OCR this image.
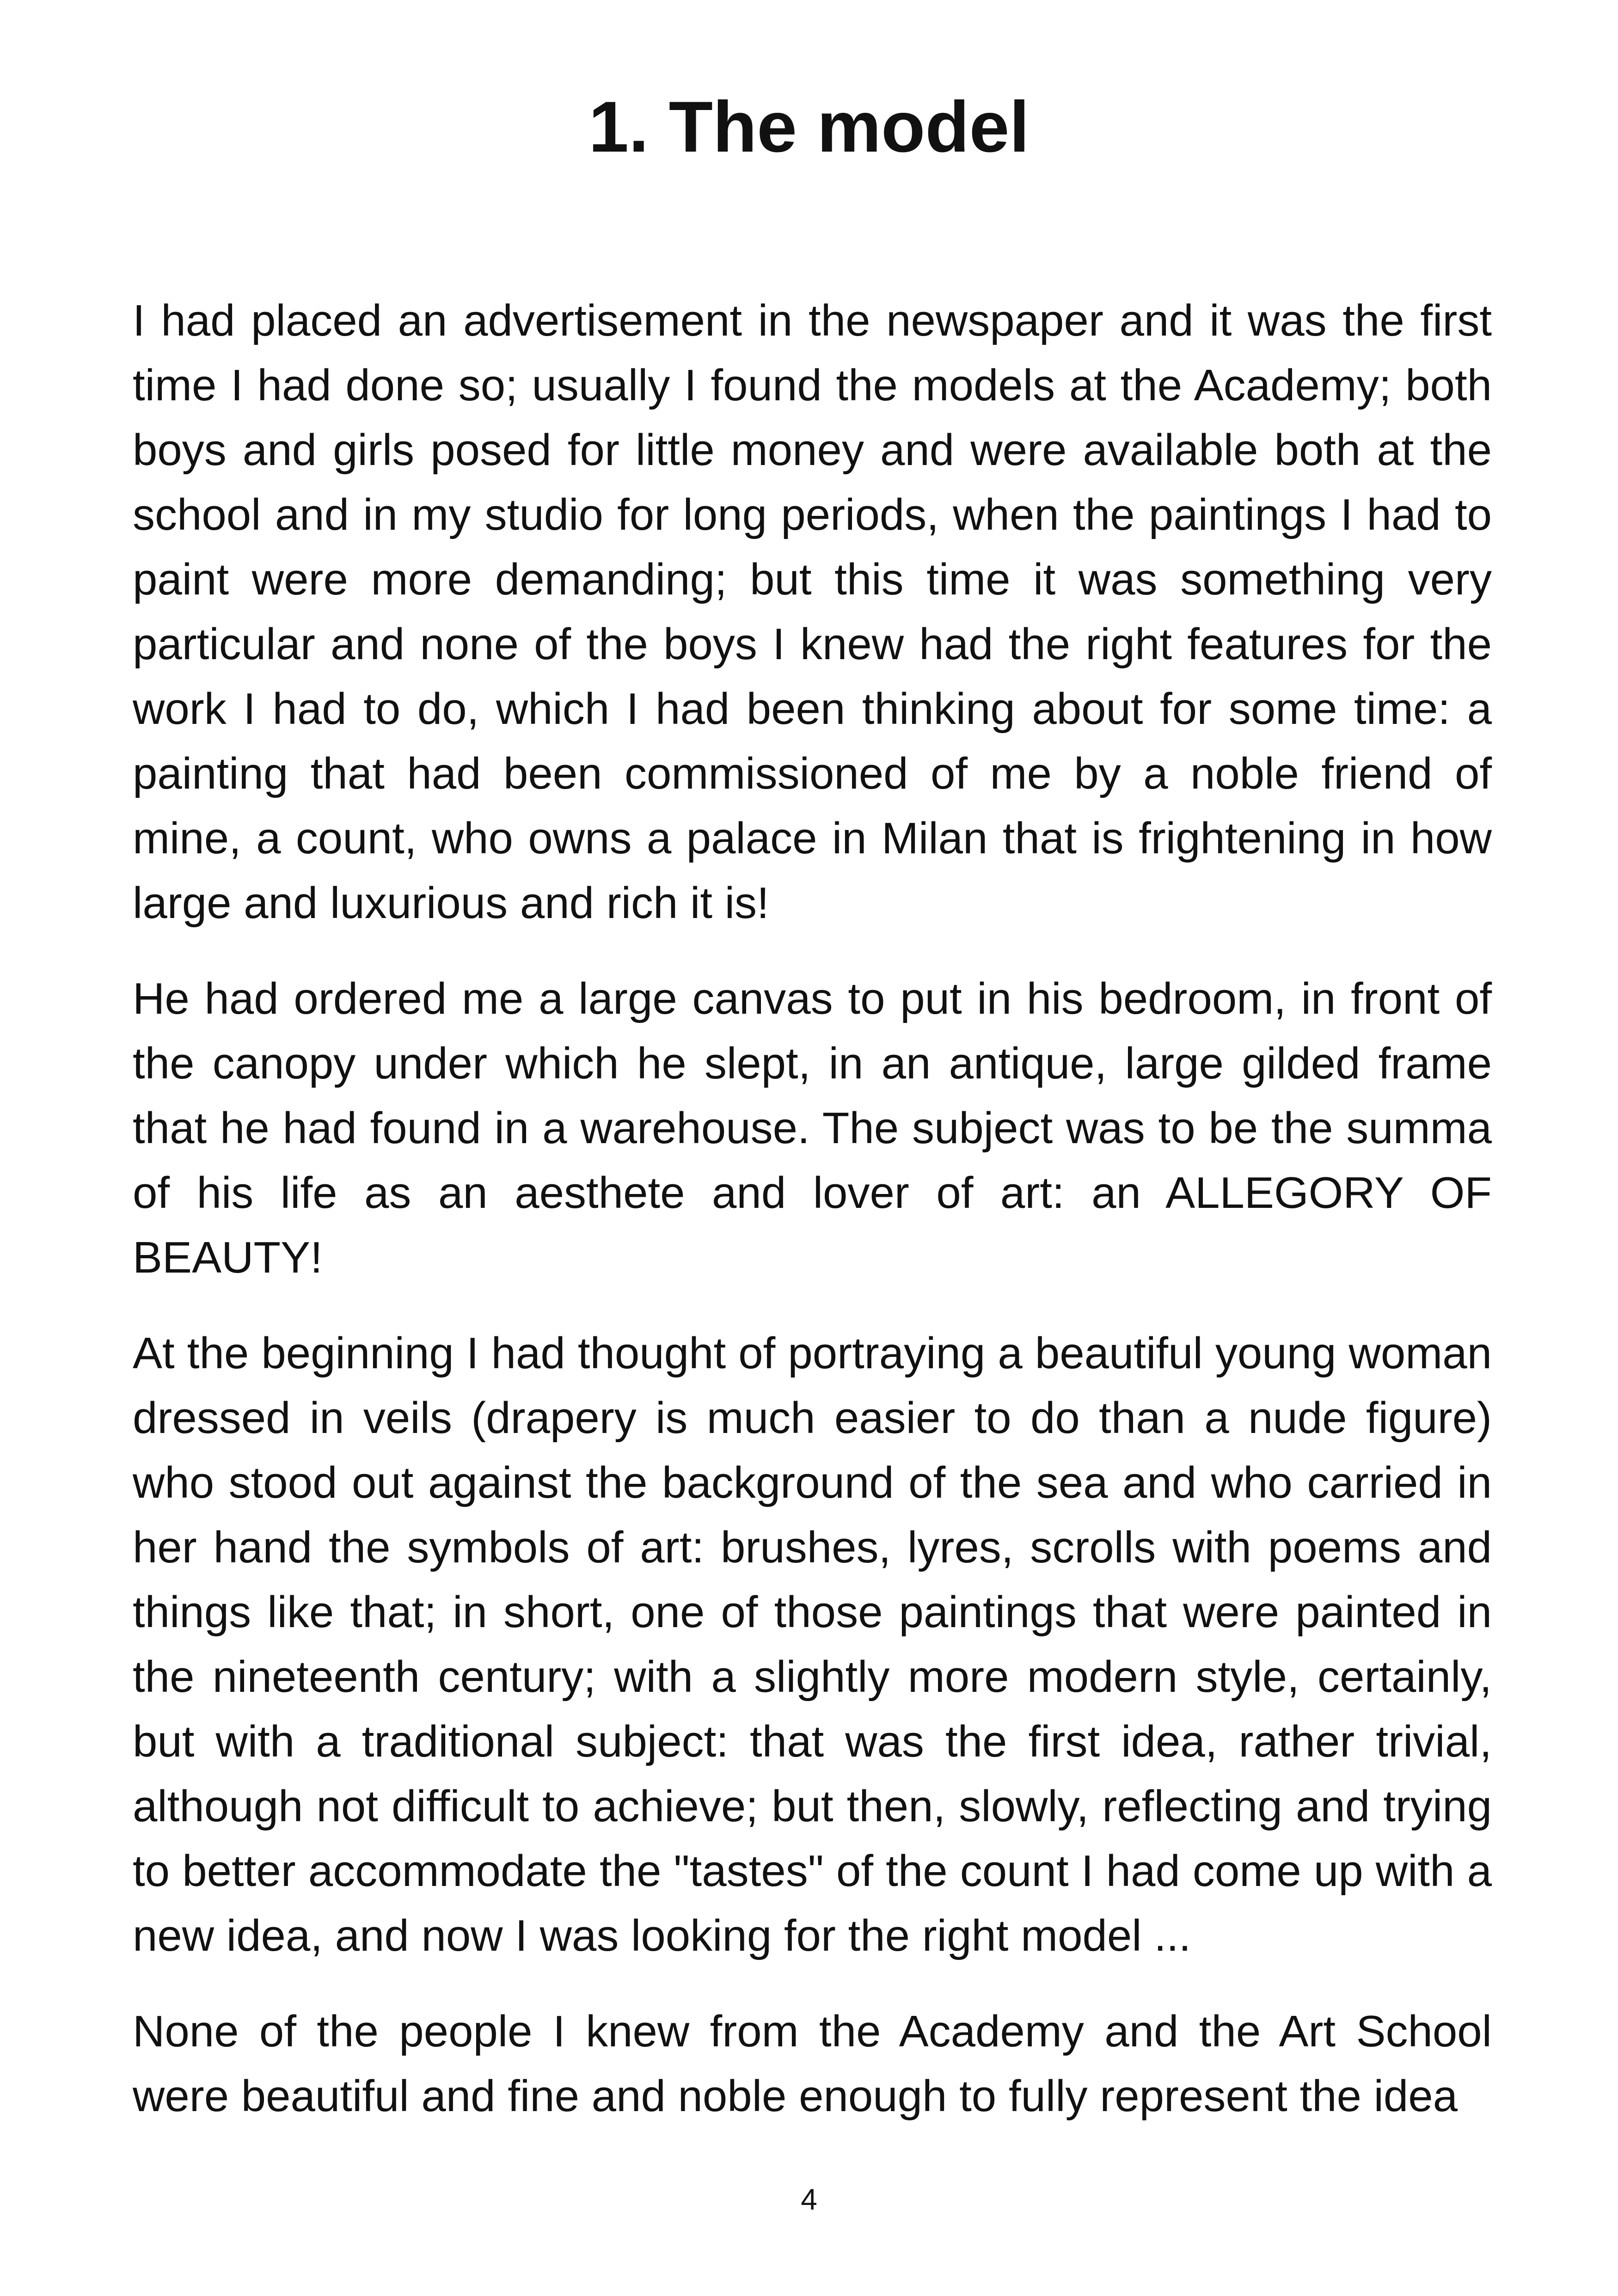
1. The model

I had placed an advertisement in the newspaper and it was the first time I had done so; usually I found the models at the Academy; both boys and girls posed for little money and were available both at the school and in my studio for long periods, when the paintings I had to paint were more demanding; but this time it was something very particular and none of the boys I knew had the right features for the work I had to do, which I had been thinking about for some time: a painting that had been commissioned of me by a noble friend of mine, a count, who owns a palace in Milan that is frightening in how large and luxurious and rich it is!

He had ordered me a large canvas to put in his bedroom, in front of the canopy under which he slept, in an antique, large gilded frame that he had found in a warehouse. The subject was to be the summa of his life as an aesthete and lover of art: an ALLEGORY OF BEAUTY!

At the beginning I had thought of portraying a beautiful young woman dressed in veils (drapery is much easier to do than a nude figure) who stood out against the background of the sea and who carried in her hand the symbols of art: brushes, lyres, scrolls with poems and things like that; in short, one of those paintings that were painted in the nineteenth century; with a slightly more modern style, certainly, but with a traditional subject: that was the first idea, rather trivial, although not difficult to achieve; but then, slowly, reflecting and trying to better accommodate the "tastes" of the count I had come up with a new idea, and now I was looking for the right model ...

None of the people I knew from the Academy and the Art School were beautiful and fine and noble enough to fully represent the idea

4
